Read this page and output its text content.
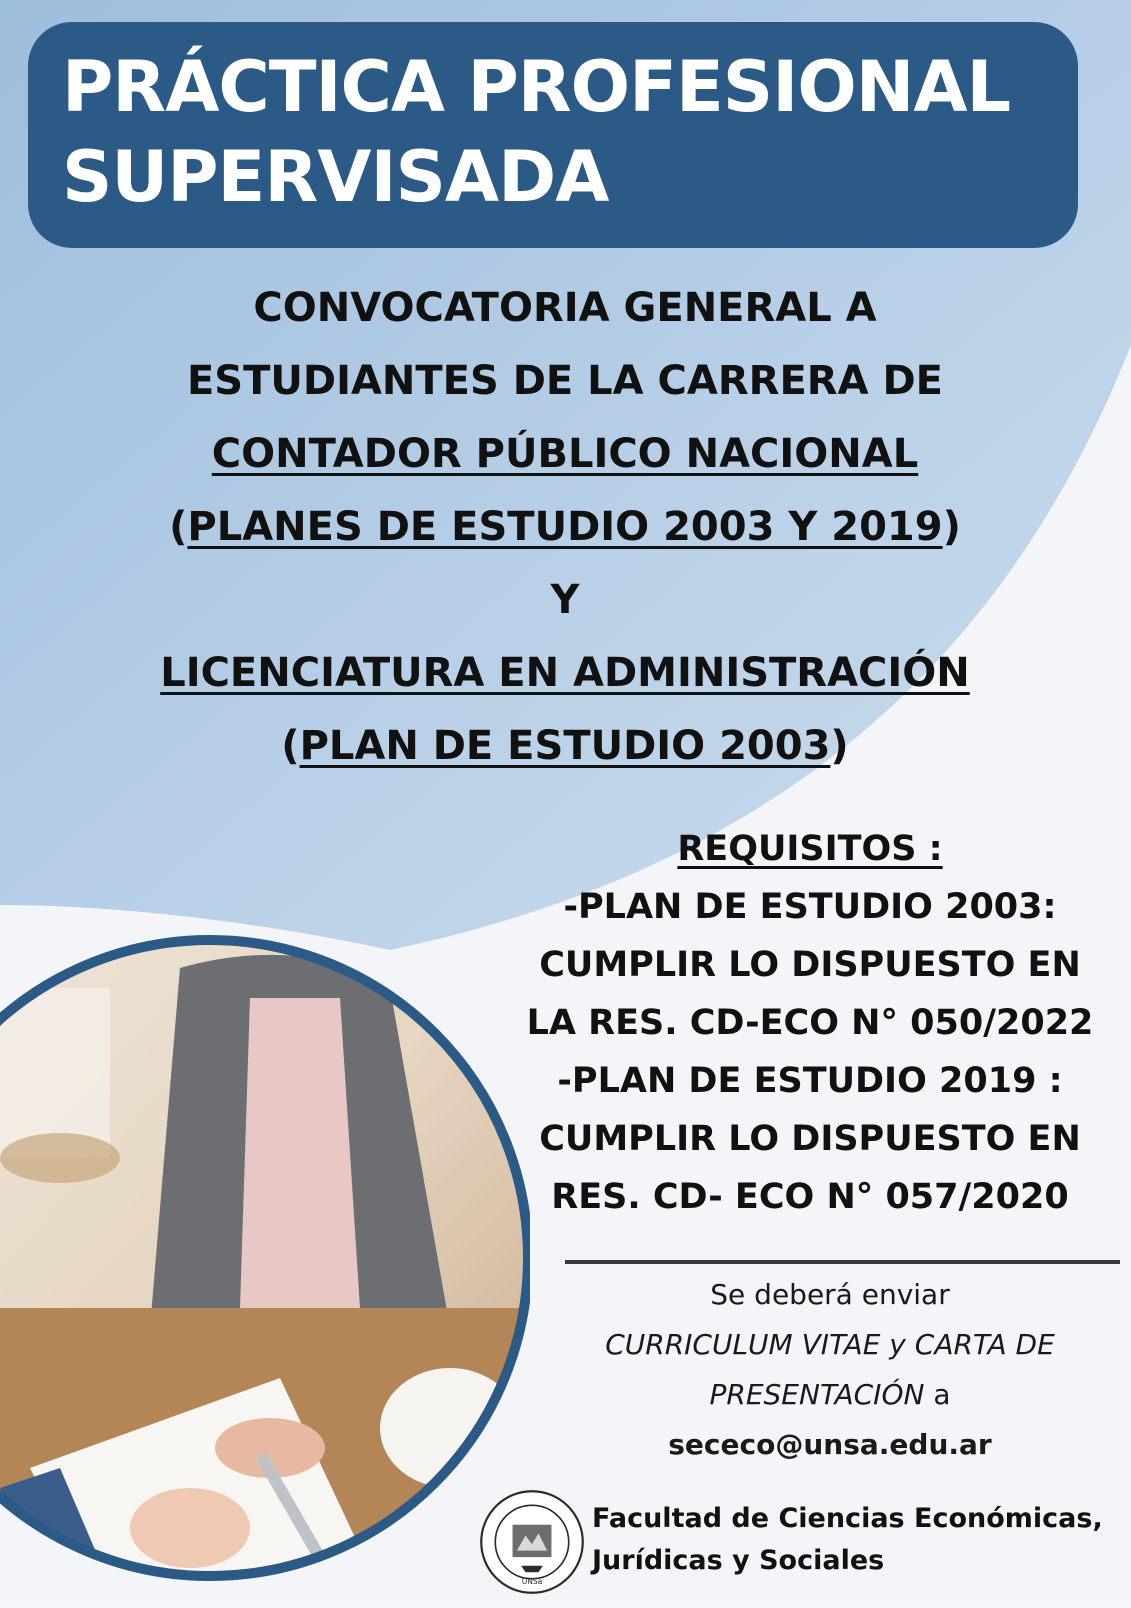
PRÁCTICA PROFESIONAL
SUPERVISADA
CONVOCATORIA GENERAL A
ESTUDIANTES DE LA CARRERA DE
CONTADOR PÚBLICO NACIONAL
(PLANES DE ESTUDIO 2003 Y 2019)
Y
LICENCIATURA EN ADMINISTRACIÓN
(PLAN DE ESTUDIO 2003)
REQUISITOS :
-PLAN DE ESTUDIO 2003:
CUMPLIR LO DISPUESTO EN
LA RES. CD-ECO N° 050/2022
-PLAN DE ESTUDIO 2019 :
CUMPLIR LO DISPUESTO EN
RES. CD- ECO N° 057/2020
Se deberá enviar
CURRICULUM VITAE y CARTA DE
PRESENTACIÓN a
sececo@unsa.edu.ar
UNSa
Facultad de Ciencias Económicas,
Jurídicas y Sociales
